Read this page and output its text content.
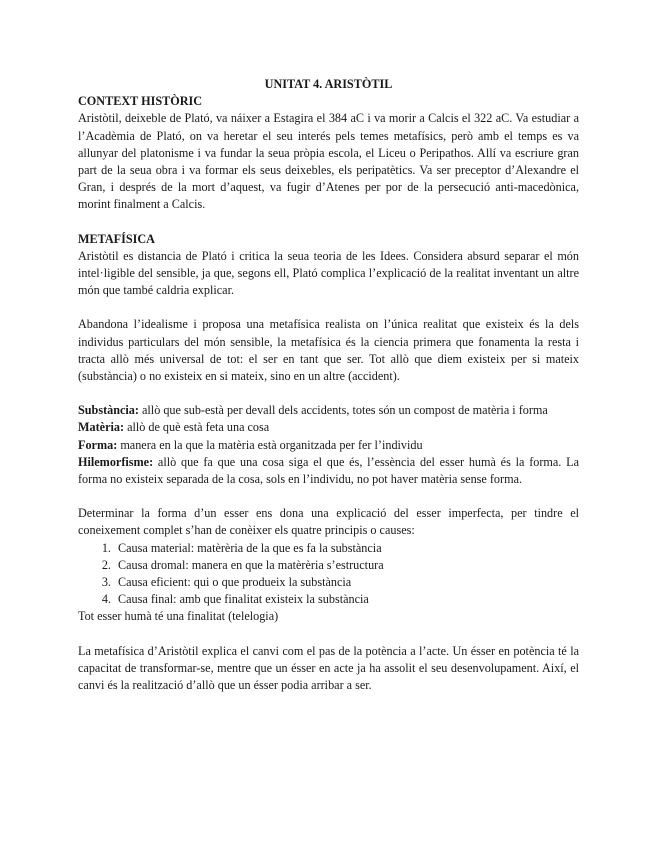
UNITAT 4. ARISTÒTIL
CONTEXT HISTÒRIC

Aristòtil, deixeble de Plató, va náixer a Estagira el 384 aC i va morir a Calcis el 322 aC. Va estudiar a l’Acadèmia de Plató, on va heretar el seu interés pels temes metafísics, però amb el temps es va allunyar del platonisme i va fundar la seua pròpia escola, el Liceu o Peripathos. Allí va escriure gran part de la seua obra i va formar els seus deixebles, els peripatètics. Va ser preceptor d’Alexandre el Gran, i després de la mort d’aquest, va fugir d’Atenes per por de la persecució anti-macedònica, morint finalment a Calcis.

METAFÍSICA

Aristòtil es distancia de Plató i critica la seua teoria de les Idees. Considera absurd separar el món intel·ligible del sensible, ja que, segons ell, Plató complica l’explicació de la realitat inventant un altre món que també caldria explicar.

Abandona l’idealisme i proposa una metafísica realista on l’única realitat que existeix és la dels individus particulars del món sensible, la metafísica és la ciencia primera que fonamenta la resta i tracta allò més universal de tot: el ser en tant que ser. Tot allò que diem existeix per si mateix (substància) o no existeix en si mateix, sino en un altre (accident).

Substància: allò que sub-està per devall dels accidents, totes són un compost de matèria i forma

Matèria: allò de què està feta una cosa

Forma: manera en la que la matèria està organitzada per fer l’individu

Hilemorfisme: allò que fa que una cosa siga el que és, l’essència del esser humà és la forma. La forma no existeix separada de la cosa, sols en l’individu, no pot haver matèria sense forma.

Determinar la forma d’un esser ens dona una explicació del esser imperfecta, per tindre el coneixement complet s’han de conèixer els quatre principis o causes:

1. Causa material: matèrèria de la que es fa la substància
2. Causa dromal: manera en que la matèrèria s’estructura
3. Causa eficient: qui o que produeix la substància
4. Causa final: amb que finalitat existeix la substància

Tot esser humà té una finalitat (telelogia)

La metafísica d’Aristòtil explica el canvi com el pas de la potència a l’acte. Un ésser en potència té la capacitat de transformar-se, mentre que un ésser en acte ja ha assolit el seu desenvolupament. Així, el canvi és la realització d’allò que un ésser podia arribar a ser.
